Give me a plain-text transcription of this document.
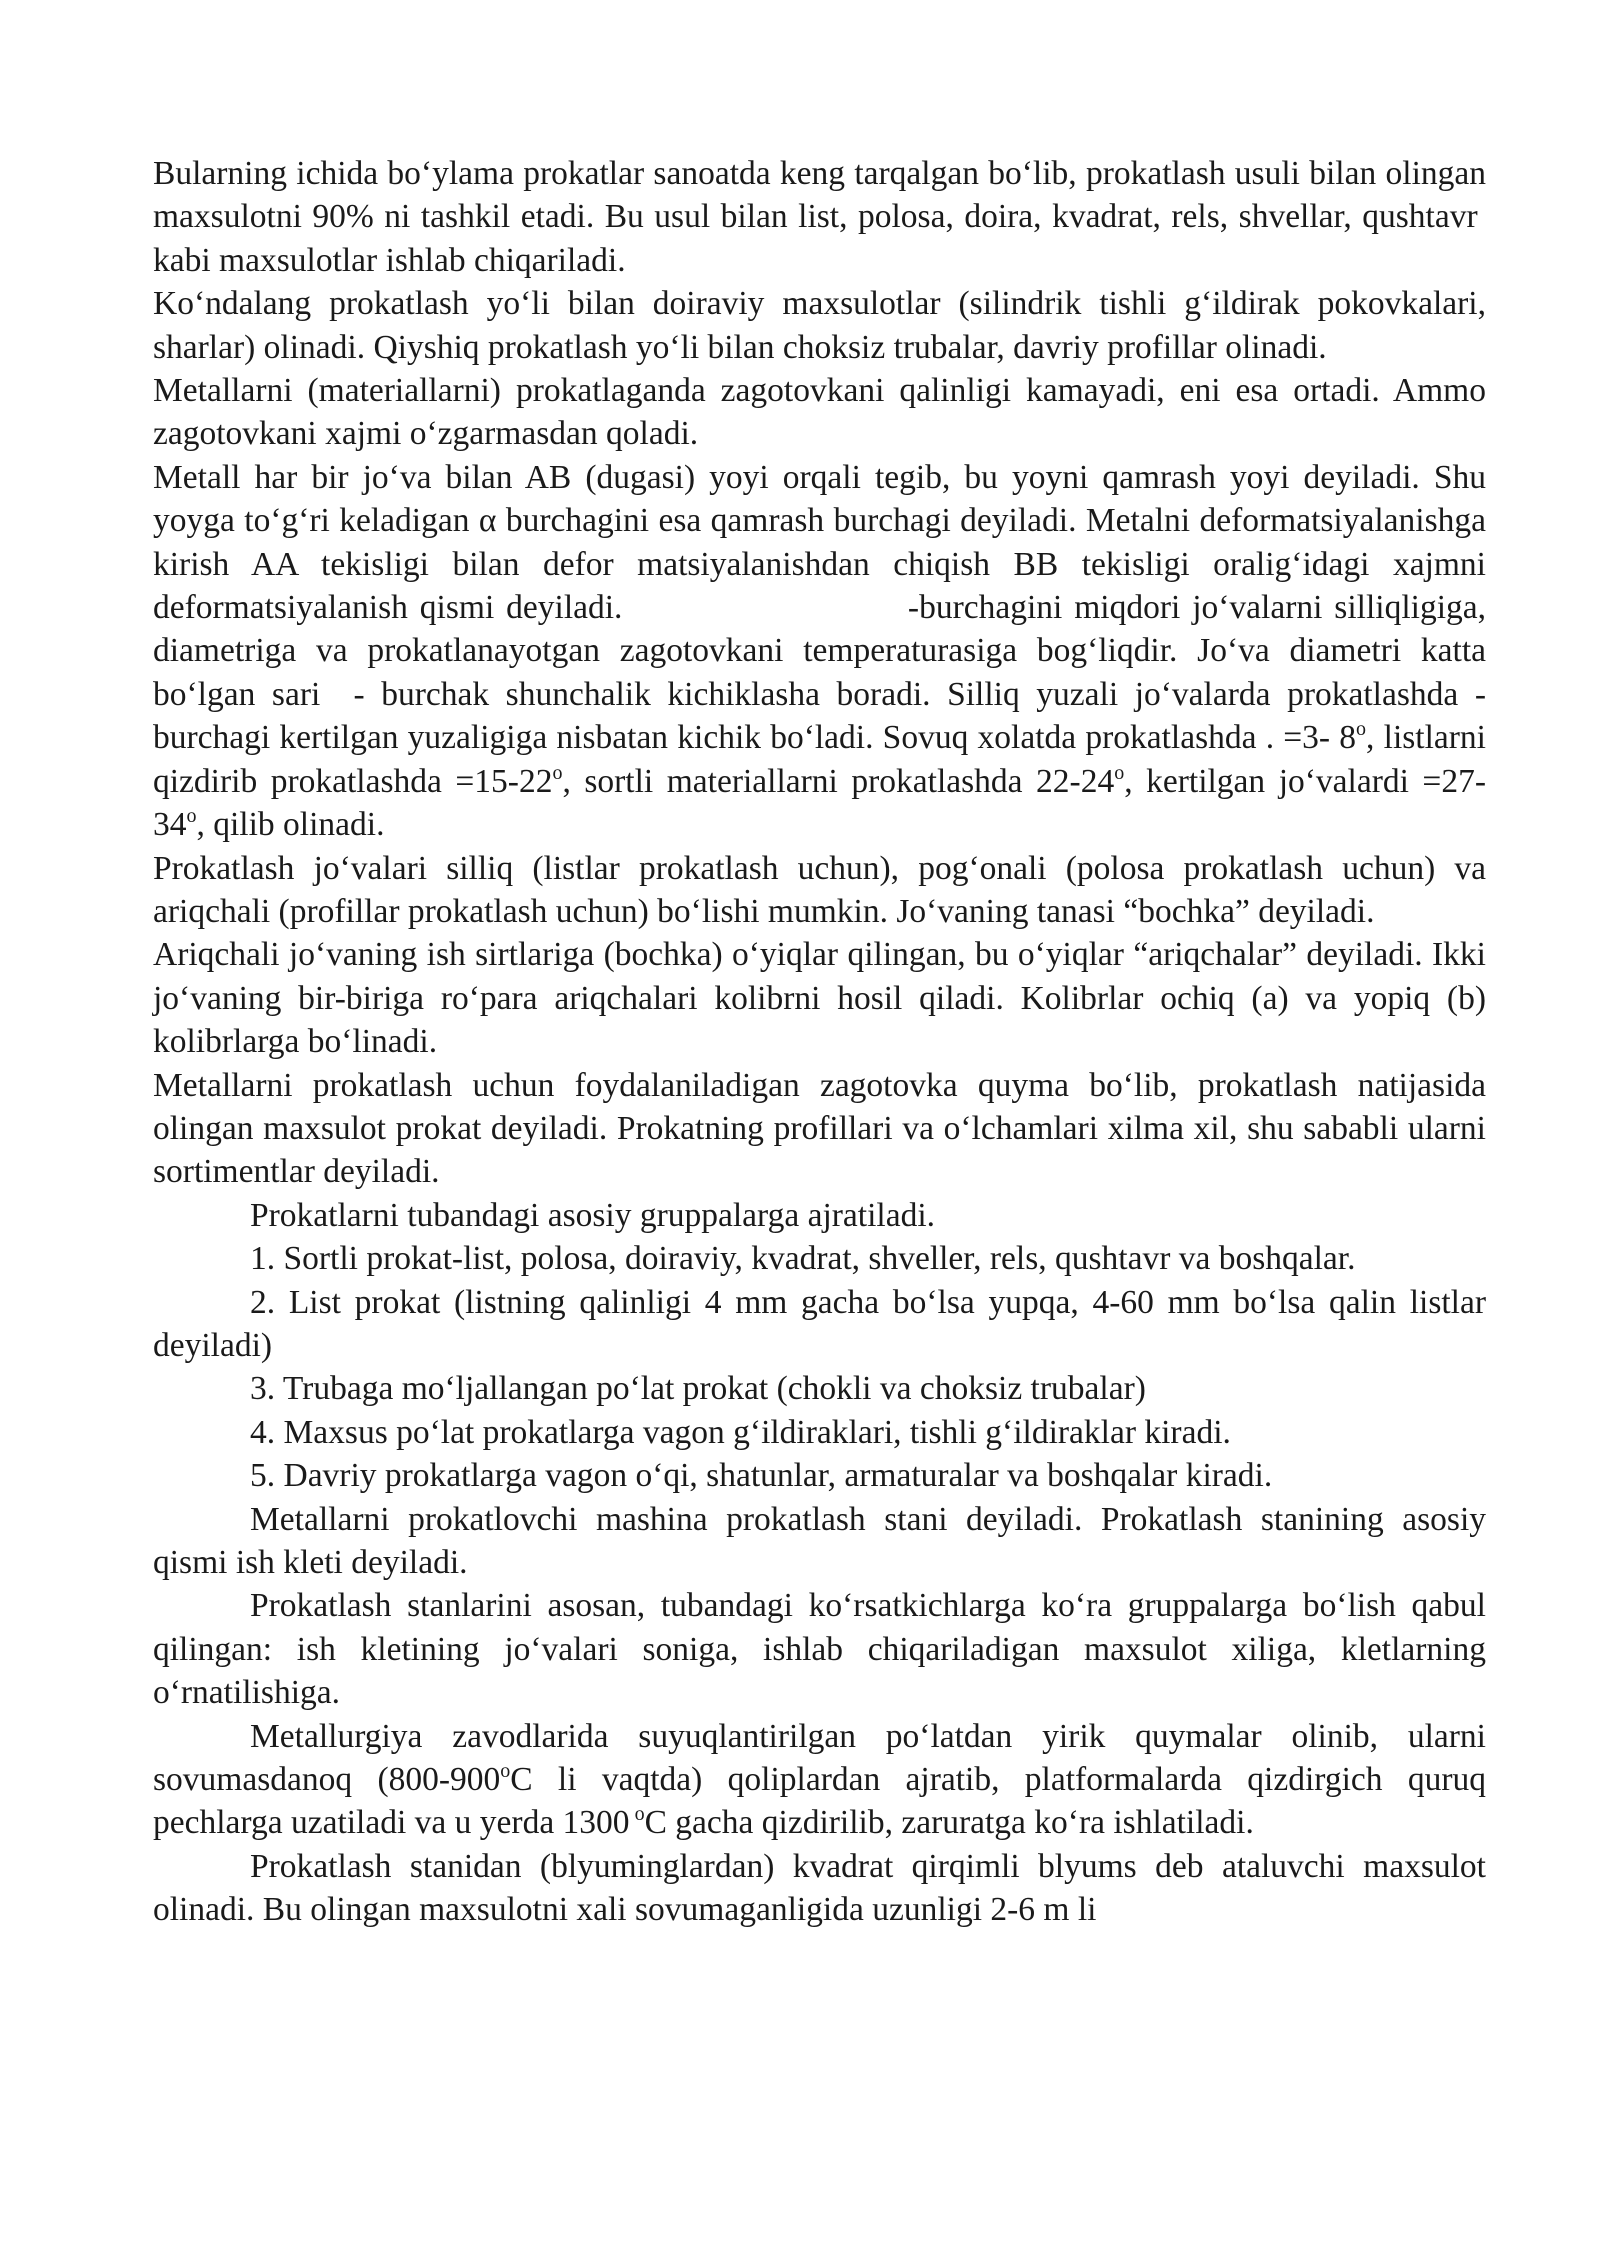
Bularning ichida bo‘ylama prokatlar sanoatda keng tarqalgan bo‘lib, prokatlash usuli bilan olingan maxsulotni 90% ni tashkil etadi. Bu usul bilan list, polosa, doira, kvadrat, rels, shvellar, qushtavr  kabi maxsulotlar ishlab chiqariladi.

Ko‘ndalang prokatlash yo‘li bilan doiraviy maxsulotlar (silindrik tishli g‘ildirak pokovkalari, sharlar) olinadi. Qiyshiq prokatlash yo‘li bilan choksiz trubalar, davriy profillar olinadi.

Metallarni (materiallarni) prokatlaganda zagotovkani qalinligi kamayadi, eni esa ortadi. Ammo zagotovkani xajmi o‘zgarmasdan qoladi.

Metall har bir jo‘va bilan AB (dugasi) yoyi orqali tegib, bu yoyni qamrash yoyi deyiladi. Shu yoyga to‘g‘ri keladigan α burchagini esa qamrash burchagi deyiladi. Metalni deformatsiyalanishga kirish AA tekisligi bilan defor matsiyalanishdan chiqish BB tekisligi oralig‘idagi xajmni deformatsiyalanish qismi deyiladi.                        -burchagini miqdori jo‘valarni silliqligiga, diametriga va prokatlanayotgan zagotovkani temperaturasiga bog‘liqdir. Jo‘va diametri katta bo‘lgan sari  - burchak shunchalik kichiklasha boradi. Silliq yuzali jo‘valarda prokatlashda - burchagi kertilgan yuzaligiga nisbatan kichik bo‘ladi. Sovuq xolatda prokatlashda . =3- 8$^o$, listlarni qizdirib prokatlashda $=15-22^o$, sortli materiallarni prokatlashda 22-24$^o$, kertilgan jo‘valardi $=27-34^o$, qilib olinadi.

Prokatlash jo‘valari silliq (listlar prokatlash uchun), pog‘onali (polosa prokatlash uchun) va ariqchali (profillar prokatlash uchun) bo‘lishi mumkin. Jo‘vaning tanasi “bochka” deyiladi.

Ariqchali jo‘vaning ish sirtlariga (bochka) o‘yiqlar qilingan, bu o‘yiqlar “ariqchalar” deyiladi. Ikki jo‘vaning bir-biriga ro‘para ariqchalari kolibrni hosil qiladi. Kolibrlar ochiq (a) va yopiq (b) kolibrlarga bo‘linadi.

Metallarni prokatlash uchun foydalaniladigan zagotovka quyma bo‘lib, prokatlash natijasida olingan maxsulot prokat deyiladi. Prokatning profillari va o‘lchamlari xilma xil, shu sababli ularni sortimentlar deyiladi.

Prokatlarni tubandagi asosiy gruppalarga ajratiladi.

1. Sortli prokat-list, polosa, doiraviy, kvadrat, shveller, rels, qushtavr va boshqalar.

2. List prokat (listning qalinligi 4 mm gacha bo‘lsa yupqa, 4-60 mm bo‘lsa qalin listlar deyiladi)

3. Trubaga mo‘ljallangan po‘lat prokat (chokli va choksiz trubalar)

4. Maxsus po‘lat prokatlarga vagon g‘ildiraklari, tishli g‘ildiraklar kiradi.

5. Davriy prokatlarga vagon o‘qi, shatunlar, armaturalar va boshqalar kiradi.

Metallarni prokatlovchi mashina prokatlash stani deyiladi. Prokatlash stanining asosiy qismi ish kleti deyiladi.

Prokatlash stanlarini asosan, tubandagi ko‘rsatkichlarga ko‘ra gruppalarga bo‘lish qabul qilingan: ish kletining jo‘valari soniga, ishlab chiqariladigan maxsulot xiliga, kletlarning o‘rnatilishiga.

Metallurgiya zavodlarida suyuqlantirilgan po‘latdan yirik quymalar olinib, ularni sovumasdanoq (800-900$^o$C li vaqtda) qoliplardan ajratib, platformalarda qizdirgich quruq pechlarga uzatiladi va u yerda 1300 $^o$C gacha qizdirilib, zaruratga ko‘ra ishlatiladi.

Prokatlash stanidan (blyuminglardan) kvadrat qirqimli blyums deb ataluvchi maxsulot olinadi. Bu olingan maxsulotni xali sovumaganligida uzunligi 2-6 m li
